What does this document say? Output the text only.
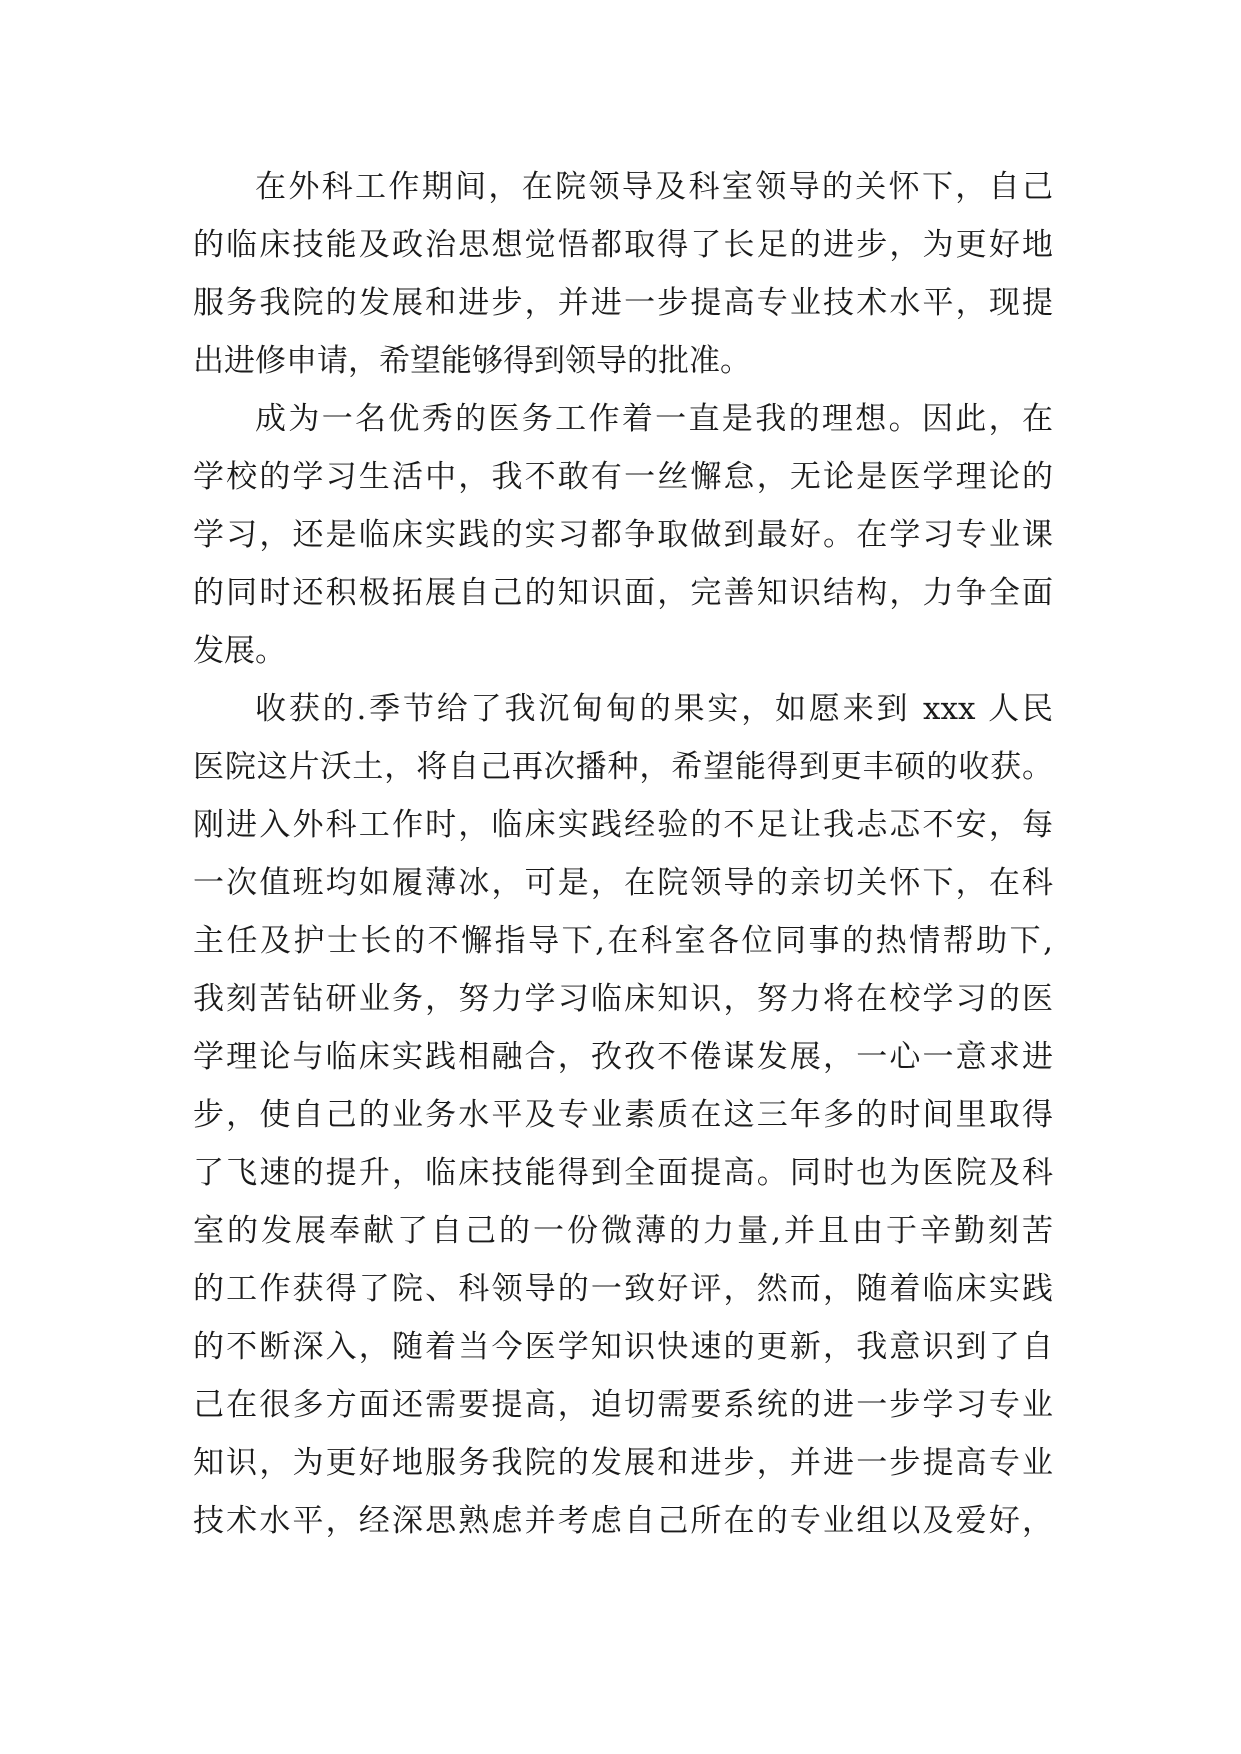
在外科工作期间，在院领导及科室领导的关怀下，自己
的临床技能及政治思想觉悟都取得了长足的进步，为更好地
服务我院的发展和进步，并进一步提高专业技术水平，现提
出进修申请，希望能够得到领导的批准。
成为一名优秀的医务工作着一直是我的理想。因此，在
学校的学习生活中，我不敢有一丝懈怠，无论是医学理论的
学习，还是临床实践的实习都争取做到最好。在学习专业课
的同时还积极拓展自己的知识面，完善知识结构，力争全面
发展。
收获的.季节给了我沉甸甸的果实，如愿来到 xxx 人民
医院这片沃土，将自己再次播种，希望能得到更丰硕的收获。
刚进入外科工作时，临床实践经验的不足让我忐忑不安，每
一次值班均如履薄冰，可是，在院领导的亲切关怀下，在科
主任及护士长的不懈指导下,在科室各位同事的热情帮助下,
我刻苦钻研业务，努力学习临床知识，努力将在校学习的医
学理论与临床实践相融合，孜孜不倦谋发展，一心一意求进
步，使自己的业务水平及专业素质在这三年多的时间里取得
了飞速的提升，临床技能得到全面提高。同时也为医院及科
室的发展奉献了自己的一份微薄的力量,并且由于辛勤刻苦
的工作获得了院、科领导的一致好评，然而，随着临床实践
的不断深入，随着当今医学知识快速的更新，我意识到了自
己在很多方面还需要提高，迫切需要系统的进一步学习专业
知识，为更好地服务我院的发展和进步，并进一步提高专业
技术水平，经深思熟虑并考虑自己所在的专业组以及爱好，
